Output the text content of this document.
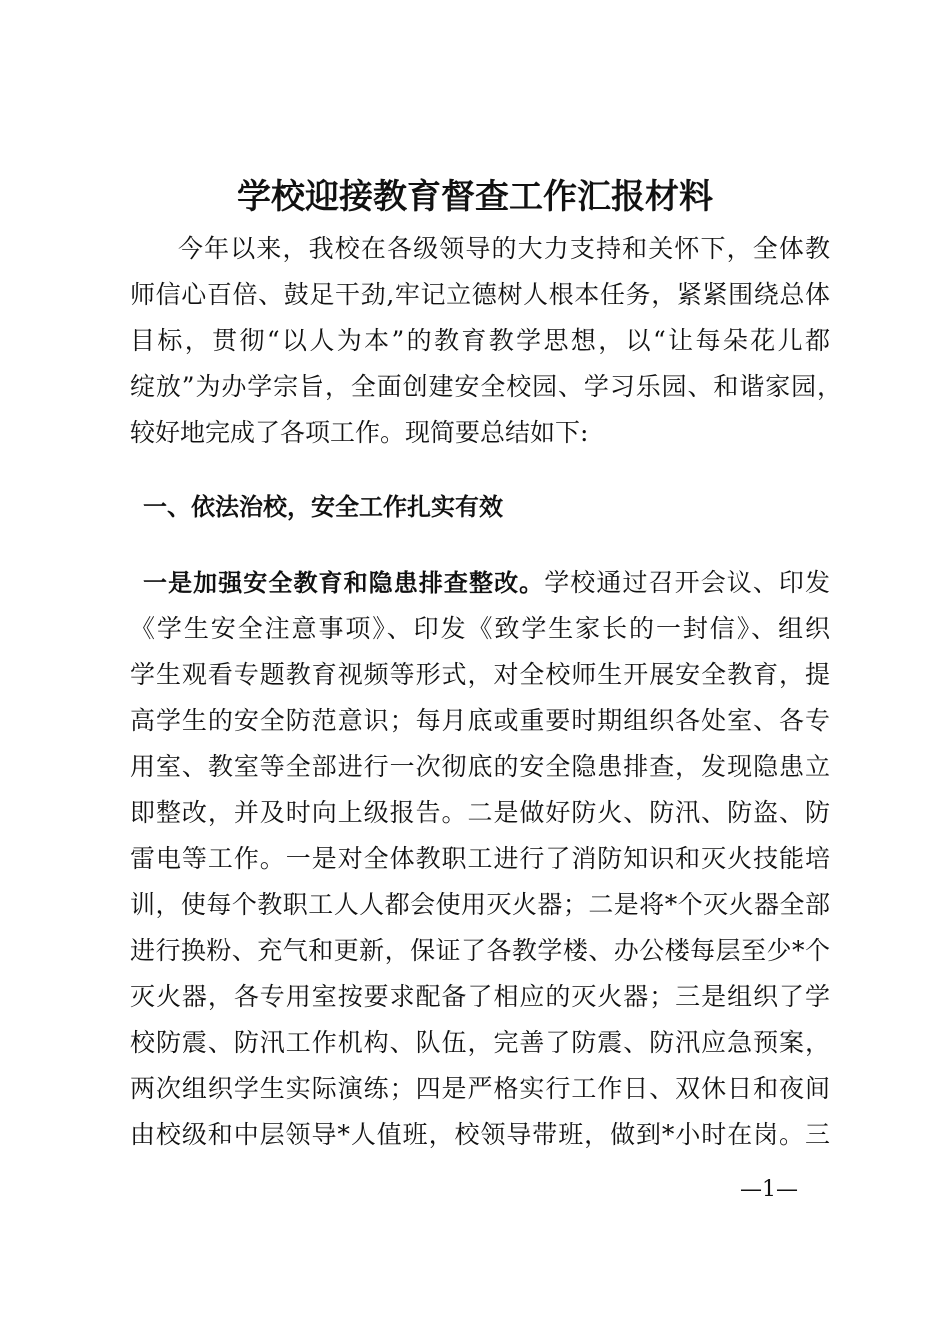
学校迎接教育督查工作汇报材料

今年以来，我校在各级领导的大力支持和关怀下，全体教

师信心百倍、鼓足干劲,牢记立德树人根本任务，紧紧围绕总体

目标，贯彻“以人为本”的教育教学思想，以“让每朵花儿都

绽放”为办学宗旨，全面创建安全校园、学习乐园、和谐家园，

较好地完成了各项工作。现简要总结如下:

一、依法治校，安全工作扎实有效

一是加强安全教育和隐患排查整改。学校通过召开会议、印发

《学生安全注意事项》、印发《致学生家长的一封信》、组织

学生观看专题教育视频等形式，对全校师生开展安全教育，提

高学生的安全防范意识；每月底或重要时期组织各处室、各专

用室、教室等全部进行一次彻底的安全隐患排查，发现隐患立

即整改，并及时向上级报告。二是做好防火、防汛、防盗、防

雷电等工作。一是对全体教职工进行了消防知识和灭火技能培

训，使每个教职工人人都会使用灭火器；二是将*个灭火器全部

进行换粉、充气和更新，保证了各教学楼、办公楼每层至少*个

灭火器，各专用室按要求配备了相应的灭火器；三是组织了学

校防震、防汛工作机构、队伍，完善了防震、防汛应急预案，

两次组织学生实际演练；四是严格实行工作日、双休日和夜间

由校级和中层领导*人值班，校领导带班，做到*小时在岗。三

—1—
